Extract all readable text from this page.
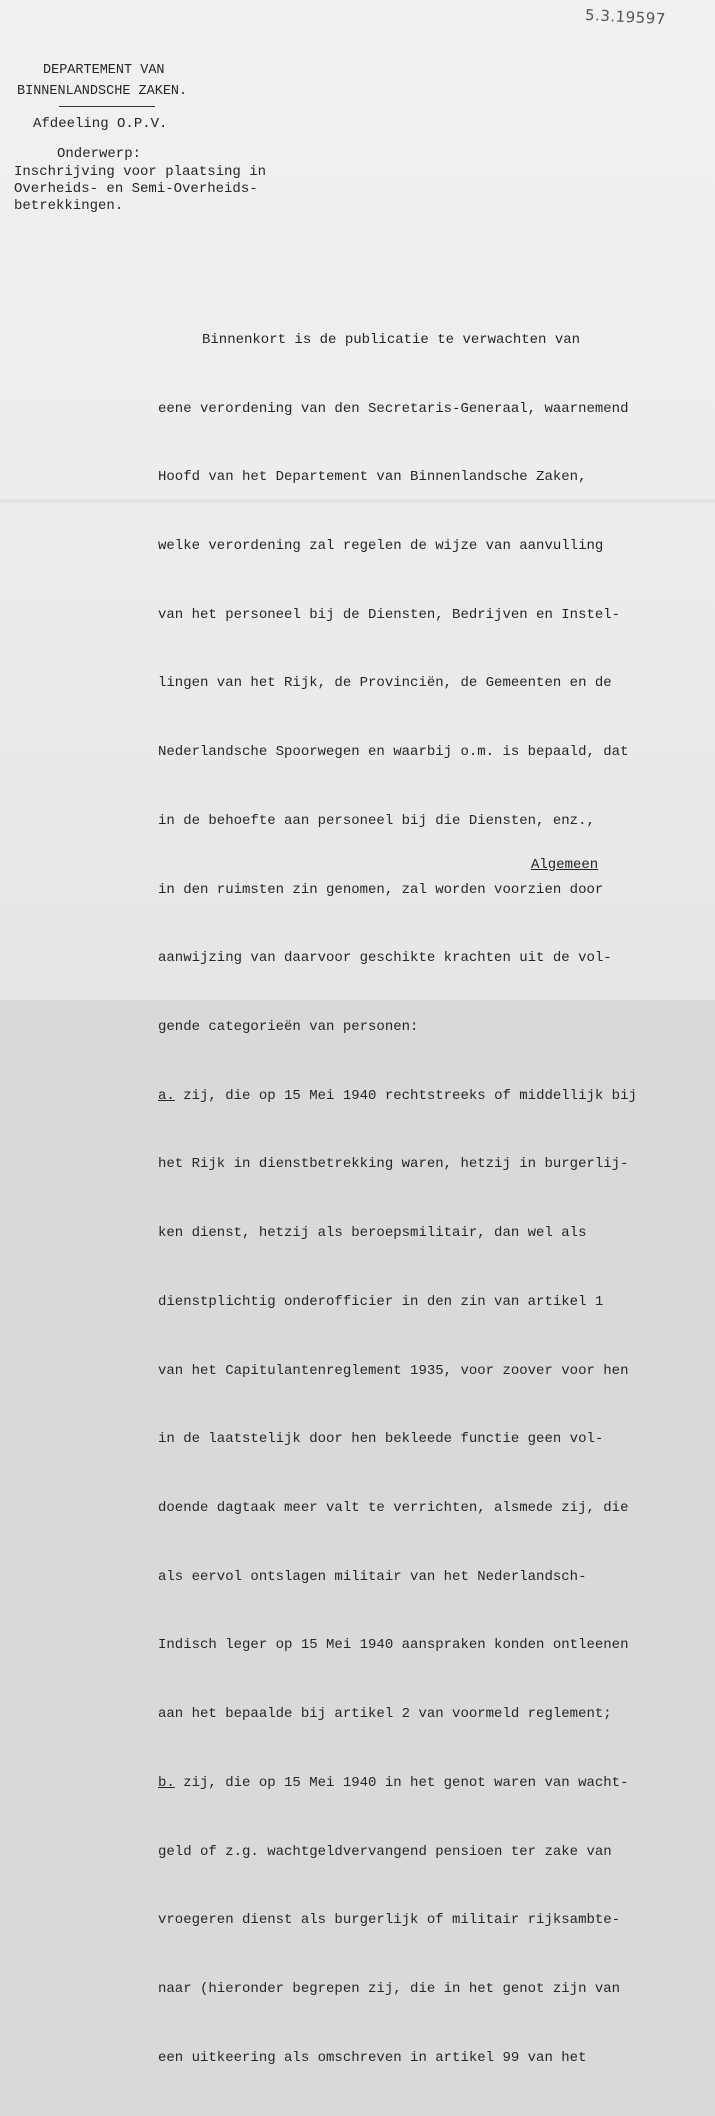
5.3.19597
DEPARTEMENT VAN
BINNENLANDSCHE ZAKEN.
Afdeeling O.P.V.
Onderwerp:
Inschrijving voor plaatsing in
Overheids- en Semi-Overheids-
betrekkingen.

Binnenkort is de publicatie te verwachten van

eene verordening van den Secretaris-Generaal, waarnemend

Hoofd van het Departement van Binnenlandsche Zaken,

welke verordening zal regelen de wijze van aanvulling

van het personeel bij de Diensten, Bedrijven en Instel-

lingen van het Rijk, de Provinciën, de Gemeenten en de

Nederlandsche Spoorwegen en waarbij o.m. is bepaald, dat

in de behoefte aan personeel bij die Diensten, enz.,

in den ruimsten zin genomen, zal worden voorzien door

aanwijzing van daarvoor geschikte krachten uit de vol-

gende categorieën van personen:

a. zij, die op 15 Mei 1940 rechtstreeks of middellijk bij

het Rijk in dienstbetrekking waren, hetzij in burgerlij-

ken dienst, hetzij als beroepsmilitair, dan wel als

dienstplichtig onderofficier in den zin van artikel 1

van het Capitulantenreglement 1935, voor zoover voor hen

in de laatstelijk door hen bekleede functie geen vol-

doende dagtaak meer valt te verrichten, alsmede zij, die

als eervol ontslagen militair van het Nederlandsch-

Indisch leger op 15 Mei 1940 aanspraken konden ontleenen

aan het bepaalde bij artikel 2 van voormeld reglement;

b. zij, die op 15 Mei 1940 in het genot waren van wacht-

geld of z.g. wachtgeldvervangend pensioen ter zake van

vroegeren dienst als burgerlijk of militair rijksambte-

naar (hieronder begrepen zij, die in het genot zijn van

een uitkeering als omschreven in artikel 99 van het

Algemeen
